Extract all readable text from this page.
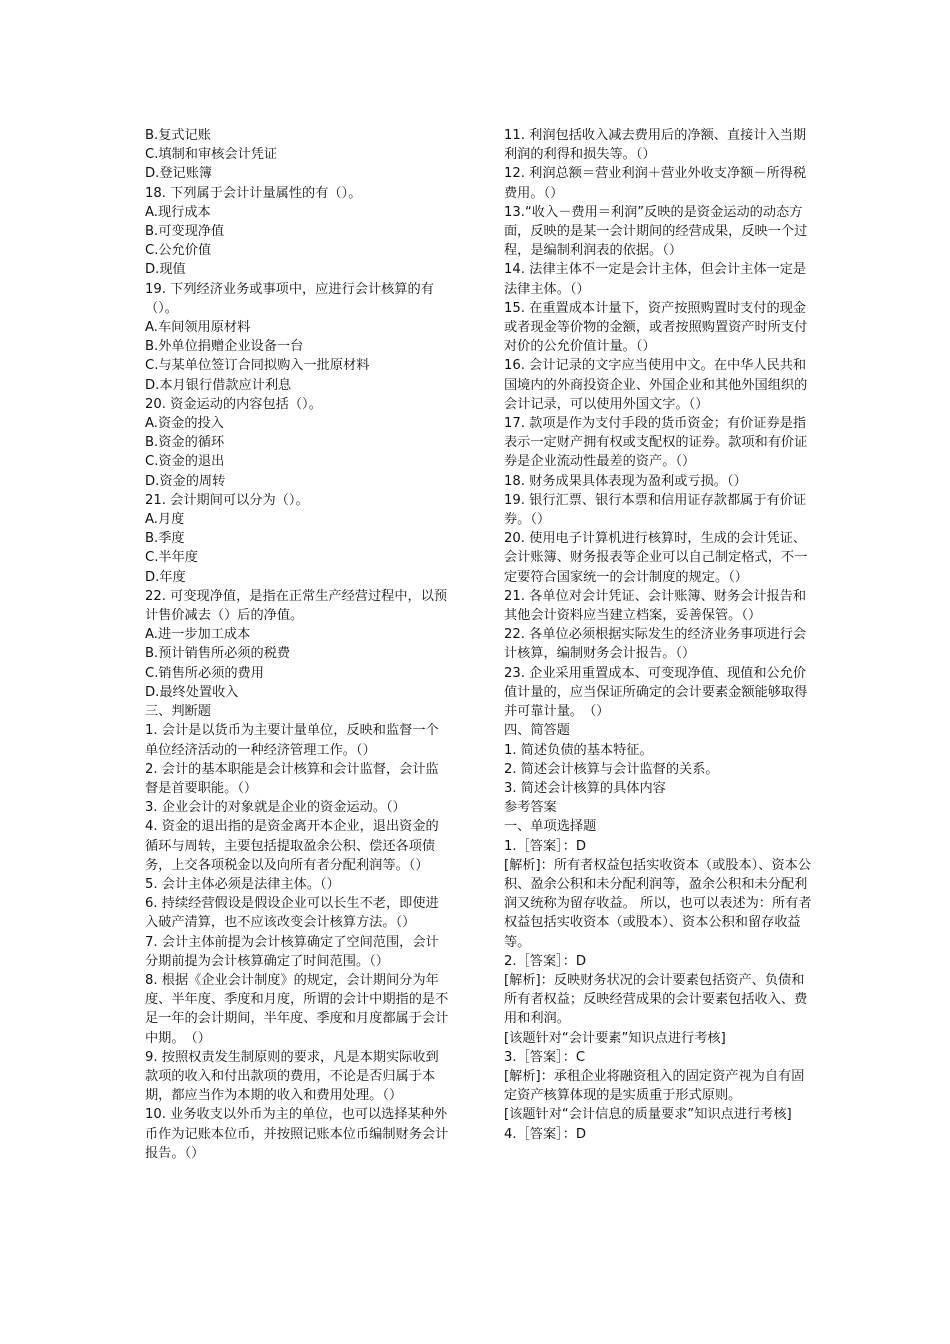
B.复式记账

C.填制和审核会计凭证

D.登记账簿

18. 下列属于会计计量属性的有（）。

A.现行成本

B.可变现净值

C.公允价值

D.现值

19. 下列经济业务或事项中，应进行会计核算的有（）。

A.车间领用原材料

B.外单位捐赠企业设备一台

C.与某单位签订合同拟购入一批原材料

D.本月银行借款应计利息

20. 资金运动的内容包括（）。

A.资金的投入

B.资金的循环

C.资金的退出

D.资金的周转

21. 会计期间可以分为（）。

A.月度

B.季度

C.半年度

D.年度

22. 可变现净值，是指在正常生产经营过程中，以预计售价减去（）后的净值。

A.进一步加工成本

B.预计销售所必须的税费

C.销售所必须的费用

D.最终处置收入

三、判断题

1. 会计是以货币为主要计量单位，反映和监督一个单位经济活动的一种经济管理工作。（）

2. 会计的基本职能是会计核算和会计监督，会计监督是首要职能。（）

3. 企业会计的对象就是企业的资金运动。（）

4. 资金的退出指的是资金离开本企业，退出资金的循环与周转，主要包括提取盈余公积、偿还各项债务，上交各项税金以及向所有者分配利润等。（）

5. 会计主体必须是法律主体。（）

6. 持续经营假设是假设企业可以长生不老，即使进入破产清算，也不应该改变会计核算方法。（）

7. 会计主体前提为会计核算确定了空间范围，会计分期前提为会计核算确定了时间范围。（）

8. 根据《企业会计制度》的规定，会计期间分为年度、半年度、季度和月度，所谓的会计中期指的是不足一年的会计期间，半年度、季度和月度都属于会计中期。　（）

9. 按照权责发生制原则的要求，凡是本期实际收到款项的收入和付出款项的费用，不论是否归属于本期，都应当作为本期的收入和费用处理。（）

10. 业务收支以外币为主的单位，也可以选择某种外币作为记账本位币，并按照记账本位币编制财务会计报告。（）

11. 利润包括收入减去费用后的净额、直接计入当期利润的利得和损失等。（）

12. 利润总额＝营业利润＋营业外收支净额－所得税费用。（）

13.“收入－费用＝利润”反映的是资金运动的动态方面，反映的是某一会计期间的经营成果，反映一个过程，是编制利润表的依据。（）

14. 法律主体不一定是会计主体，但会计主体一定是法律主体。（）

15. 在重置成本计量下，资产按照购置时支付的现金或者现金等价物的金额，或者按照购置资产时所支付对价的公允价值计量。（）

16. 会计记录的文字应当使用中文。在中华人民共和国境内的外商投资企业、外国企业和其他外国组织的会计记录，可以使用外国文字。（）

17. 款项是作为支付手段的货币资金；有价证券是指表示一定财产拥有权或支配权的证券。款项和有价证券是企业流动性最差的资产。（）

18. 财务成果具体表现为盈利或亏损。（）

19. 银行汇票、银行本票和信用证存款都属于有价证券。（）

20. 使用电子计算机进行核算时，生成的会计凭证、会计账簿、财务报表等企业可以自己制定格式，不一定要符合国家统一的会计制度的规定。（）

21. 各单位对会计凭证、会计账簿、财务会计报告和其他会计资料应当建立档案，妥善保管。（）

22. 各单位必须根据实际发生的经济业务事项进行会计核算，编制财务会计报告。（）

23. 企业采用重置成本、可变现净值、现值和公允价值计量的，应当保证所确定的会计要素金额能够取得并可靠计量。　（）

四、简答题

1. 简述负债的基本特征。

2. 简述会计核算与会计监督的关系。

3. 简述会计核算的具体内容

参考答案

一、单项选择题

1.［答案］：D

[解析]：所有者权益包括实收资本（或股本）、资本公积、盈余公积和未分配利润等，盈余公积和未分配利润又统称为留存收益。 所以，也可以表述为：所有者权益包括实收资本（或股本）、资本公积和留存收益等。

2.［答案］：D

[解析]：反映财务状况的会计要素包括资产、负债和所有者权益；反映经营成果的会计要素包括收入、费用和利润。

[该题针对“会计要素”知识点进行考核]

3.［答案］：C

[解析]：承租企业将融资租入的固定资产视为自有固定资产核算体现的是实质重于形式原则。

[该题针对“会计信息的质量要求”知识点进行考核]

4.［答案］：D
